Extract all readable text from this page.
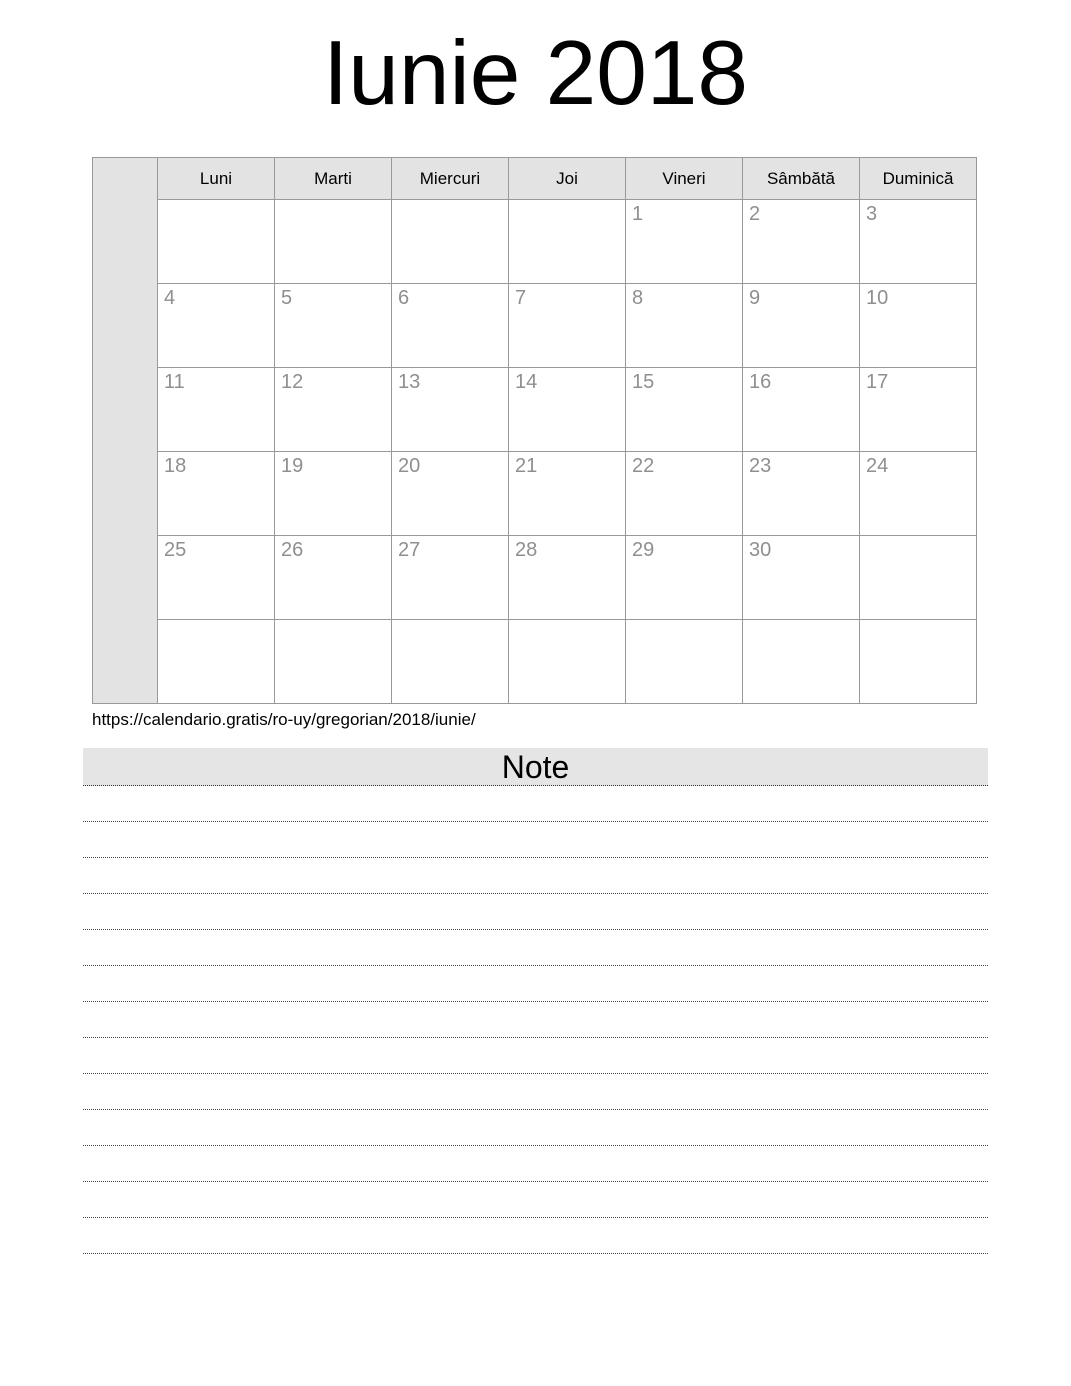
Iunie 2018
	Luni	Marti	Miercuri	Joi	Vineri	Sâmbătă	Duminică
					1	2	3
	4	5	6	7	8	9	10
	11	12	13	14	15	16	17
	18	19	20	21	22	23	24
	25	26	27	28	29	30	

https://calendario.gratis/ro-uy/gregorian/2018/iunie/
Note
